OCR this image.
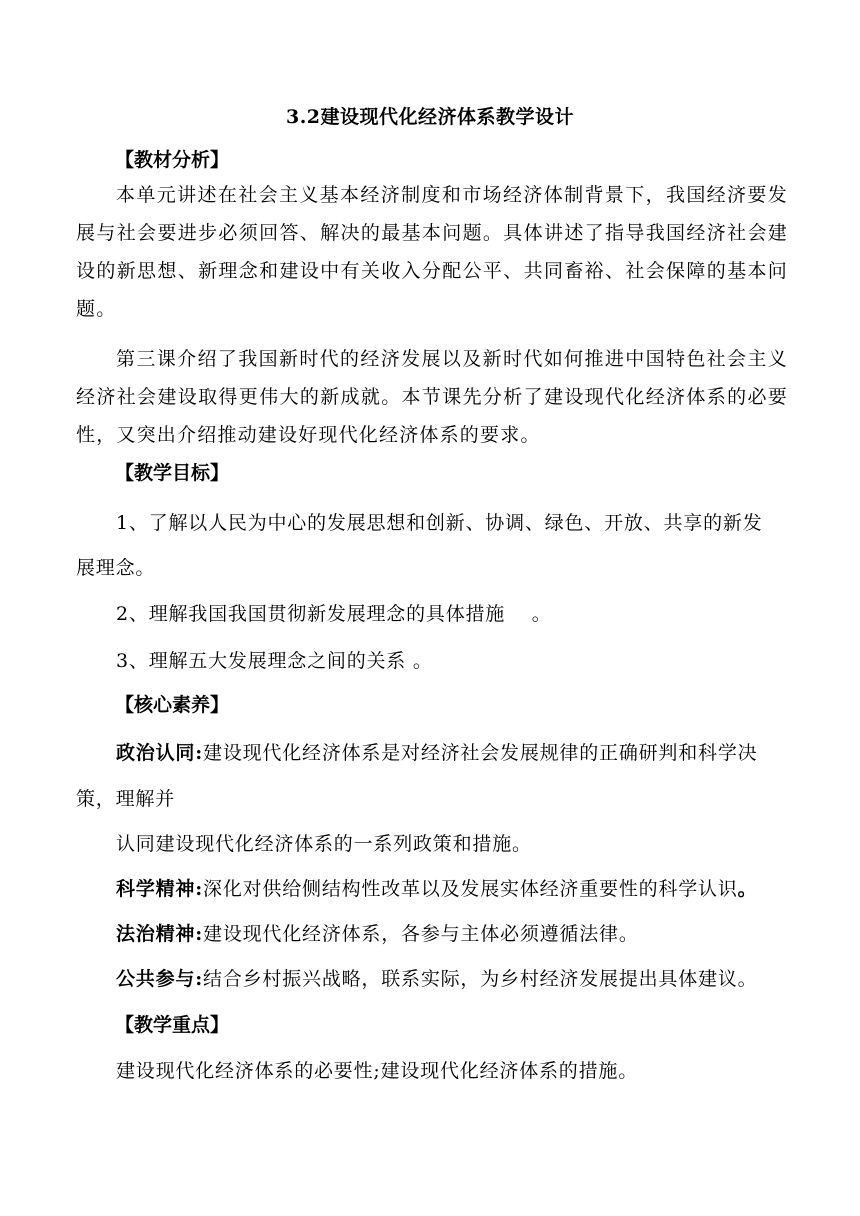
3.2建设现代化经济体系教学设计
【教材分析】

本单元讲述在社会主义基本经济制度和市场经济体制背景下，我国经济要发展与社会要进步必须回答、解决的最基本问题。具体讲述了指导我国经济社会建设的新思想、新理念和建设中有关收入分配公平、共同畜裕、社会保障的基本问题。

第三课介绍了我国新时代的经济发展以及新时代如何推进中国特色社会主义经济社会建设取得更伟大的新成就。本节课先分析了建设现代化经济体系的必要性，又突出介绍推动建设好现代化经济体系的要求。

【教学目标】
1、了解以人民为中心的发展思想和创新、协调、绿色、开放、共享的新发
展理念。
2、理解我国我国贯彻新发展理念的具体措施　 。
3、理解五大发展理念之间的关系 。
【核心素养】
政治认同:建设现代化经济体系是对经济社会发展规律的正确研判和科学决
策，理解并
认同建设现代化经济体系的一系列政策和措施。
科学精神:深化对供给侧结构性改革以及发展实体经济重要性的科学认识。
法治精神:建设现代化经济体系，各参与主体必须遵循法律。
公共参与:结合乡村振兴战略，联系实际，为乡村经济发展提出具体建议。
【教学重点】
建设现代化经济体系的必要性;建设现代化经济体系的措施。
